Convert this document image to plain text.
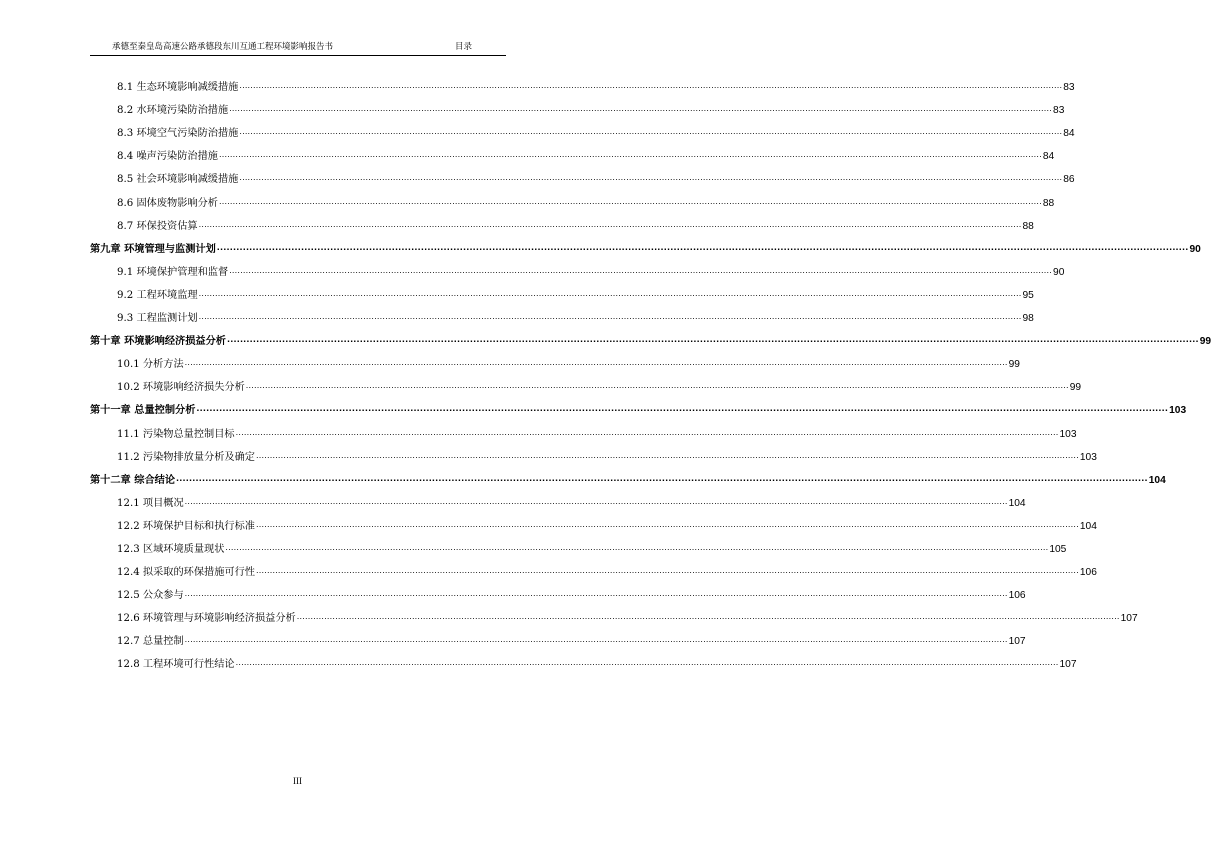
承德至秦皇岛高速公路承德段东川互通工程环境影响报告书	目录
8.1 生态环境影响减缓措施 ............................................................................................................................................................................................................................................................................................................ 83
8.2 水环境污染防治措施 ............................................................................................................................................................................................................................................................................................................ 83
8.3 环境空气污染防治措施 ............................................................................................................................................................................................................................................................................................................ 84
8.4 噪声污染防治措施 ............................................................................................................................................................................................................................................................................................................ 84
8.5 社会环境影响减缓措施 ............................................................................................................................................................................................................................................................................................................ 86
8.6 固体废物影响分析 ............................................................................................................................................................................................................................................................................................................ 88
8.7 环保投资估算 ............................................................................................................................................................................................................................................................................................................ 88
第九章 环境管理与监测计划 ............................................................................................................................................................................................................................................................................................................ 90
9.1 环境保护管理和监督 ............................................................................................................................................................................................................................................................................................................ 90
9.2 工程环境监理 ............................................................................................................................................................................................................................................................................................................ 95
9.3 工程监测计划 ............................................................................................................................................................................................................................................................................................................ 98
第十章 环境影响经济损益分析 ............................................................................................................................................................................................................................................................................................................ 99
10.1 分析方法 ............................................................................................................................................................................................................................................................................................................ 99
10.2 环境影响经济损失分析 ............................................................................................................................................................................................................................................................................................................ 99
第十一章 总量控制分析 ............................................................................................................................................................................................................................................................................................................ 103
11.1 污染物总量控制目标 ............................................................................................................................................................................................................................................................................................................ 103
11.2 污染物排放量分析及确定 ............................................................................................................................................................................................................................................................................................................ 103
第十二章 综合结论 ............................................................................................................................................................................................................................................................................................................ 104
12.1 项目概况 ............................................................................................................................................................................................................................................................................................................ 104
12.2 环境保护目标和执行标准 ............................................................................................................................................................................................................................................................................................................ 104
12.3 区域环境质量现状 ............................................................................................................................................................................................................................................................................................................ 105
12.4 拟采取的环保措施可行性 ............................................................................................................................................................................................................................................................................................................ 106
12.5 公众参与 ............................................................................................................................................................................................................................................................................................................ 106
12.6 环境管理与环境影响经济损益分析 ............................................................................................................................................................................................................................................................................................................ 107
12.7 总量控制 ............................................................................................................................................................................................................................................................................................................ 107
12.8 工程环境可行性结论 ............................................................................................................................................................................................................................................................................................................ 107
III
